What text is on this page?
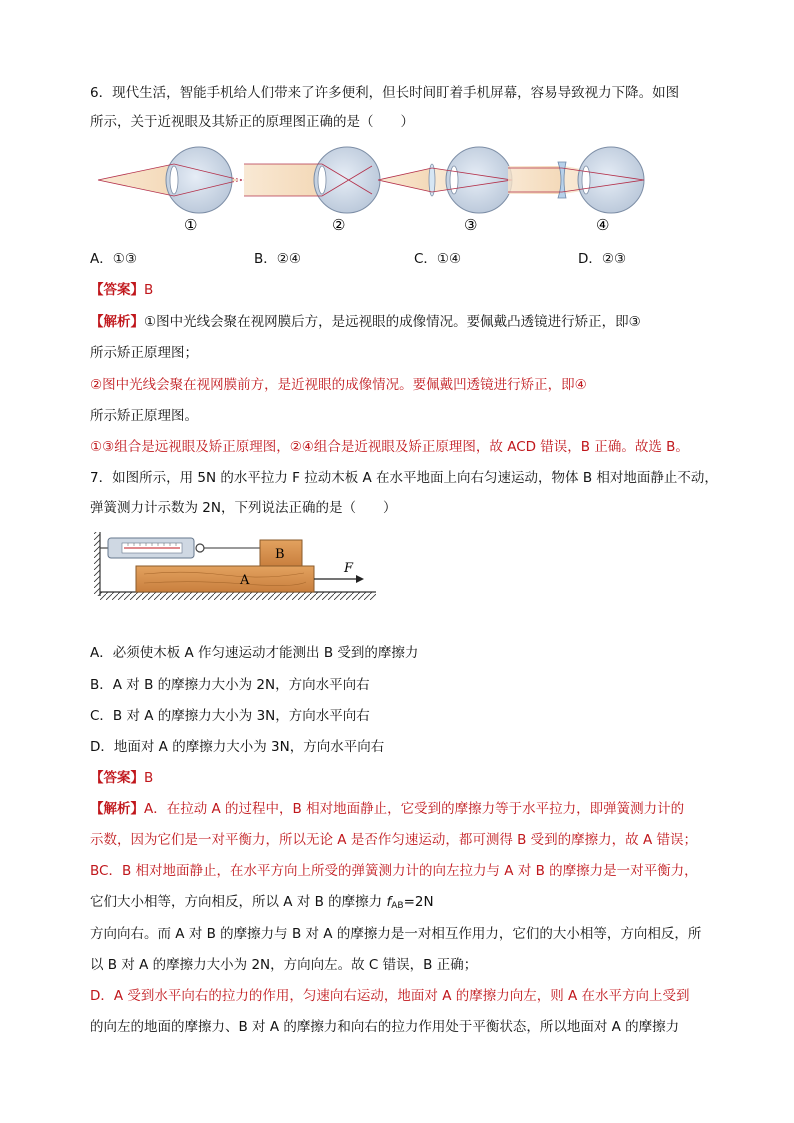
6．现代生活，智能手机给人们带来了许多便利，但长时间盯着手机屏幕，容易导致视力下降。如图
所示，关于近视眼及其矫正的原理图正确的是（　　）
①	②	③	④
A．①③	B．②④	C．①④	D．②③
【答案】B
【解析】①图中光线会聚在视网膜后方，是远视眼的成像情况。要佩戴凸透镜进行矫正，即③
所示矫正原理图；
②图中光线会聚在视网膜前方，是近视眼的成像情况。要佩戴凹透镜进行矫正，即④
所示矫正原理图。
①③组合是远视眼及矫正原理图，②④组合是近视眼及矫正原理图，故 ACD 错误，B 正确。故选 B。
7．如图所示，用 5N 的水平拉力 F 拉动木板 A 在水平地面上向右匀速运动，物体 B 相对地面静止不动，
弹簧测力计示数为 2N，下列说法正确的是（　　）
B
A
F
A．必须使木板 A 作匀速运动才能测出 B 受到的摩擦力
B．A 对 B 的摩擦力大小为 2N，方向水平向右
C．B 对 A 的摩擦力大小为 3N，方向水平向右
D．地面对 A 的摩擦力大小为 3N，方向水平向右
【答案】B
【解析】A．在拉动 A 的过程中，B 相对地面静止，它受到的摩擦力等于水平拉力，即弹簧测力计的
示数，因为它们是一对平衡力，所以无论 A 是否作匀速运动，都可测得 B 受到的摩擦力，故 A 错误；
BC．B 相对地面静止，在水平方向上所受的弹簧测力计的向左拉力与 A 对 B 的摩擦力是一对平衡力，
它们大小相等，方向相反，所以 A 对 B 的摩擦力 $f_{AB}=2N$
方向向右。而 A 对 B 的摩擦力与 B 对 A 的摩擦力是一对相互作用力，它们的大小相等，方向相反，所
以 B 对 A 的摩擦力大小为 2N，方向向左。故 C 错误，B 正确；
D．A 受到水平向右的拉力的作用，匀速向右运动，地面对 A 的摩擦力向左，则 A 在水平方向上受到
的向左的地面的摩擦力、B 对 A 的摩擦力和向右的拉力作用处于平衡状态，所以地面对 A 的摩擦力
